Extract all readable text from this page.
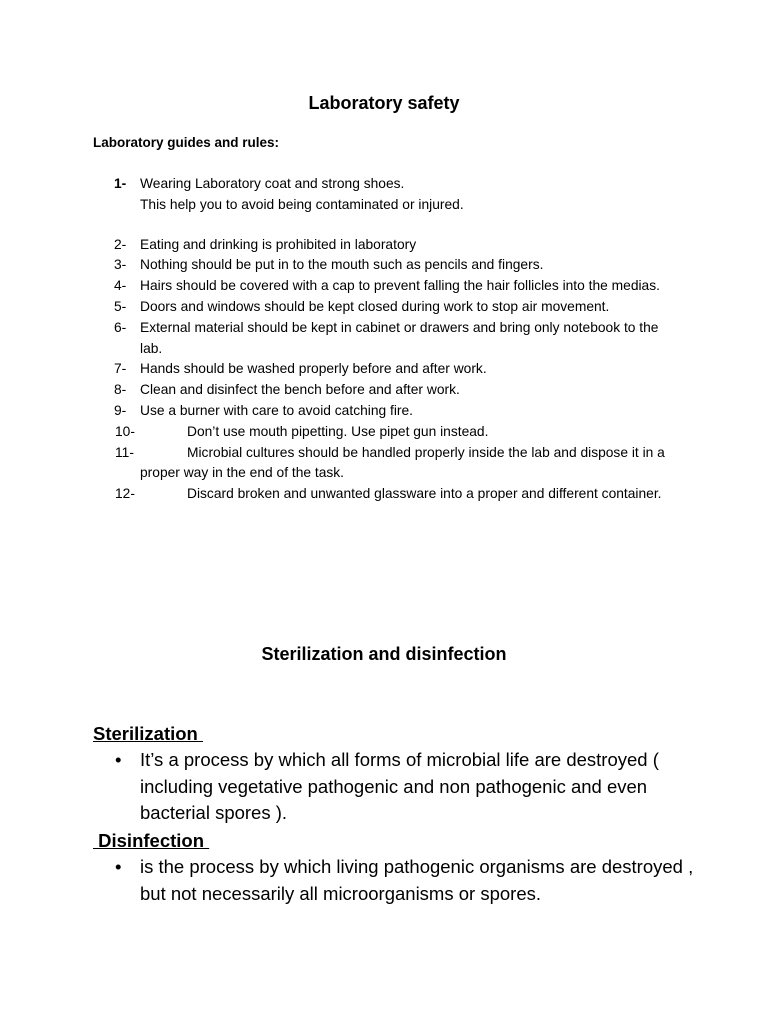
Laboratory safety
Laboratory guides and rules:
1- Wearing Laboratory coat and strong shoes.
This help you to avoid being contaminated or injured.
2- Eating and drinking is prohibited in laboratory
3- Nothing should be put in to the mouth such as pencils and fingers.
4- Hairs should be covered with a cap to prevent falling the hair follicles into the medias.
5- Doors and windows should be kept closed during work to stop air movement.
6- External material should be kept in cabinet or drawers and bring only notebook to the lab.
7- Hands should be washed properly before and after work.
8- Clean and disinfect the bench before and after work.
9- Use a burner with care to avoid catching fire.
10-	Don’t use mouth pipetting. Use pipet gun instead.
11-	Microbial cultures should be handled properly inside the lab and dispose it in a proper way in the end of the task.
12-	Discard broken and unwanted glassware into a proper and different container.
Sterilization and disinfection
Sterilization
• It’s a process by which all forms of microbial life are destroyed ( including vegetative pathogenic and non pathogenic and even bacterial spores ).
Disinfection
• is the process by which living pathogenic organisms are destroyed , but not necessarily all microorganisms or spores.
